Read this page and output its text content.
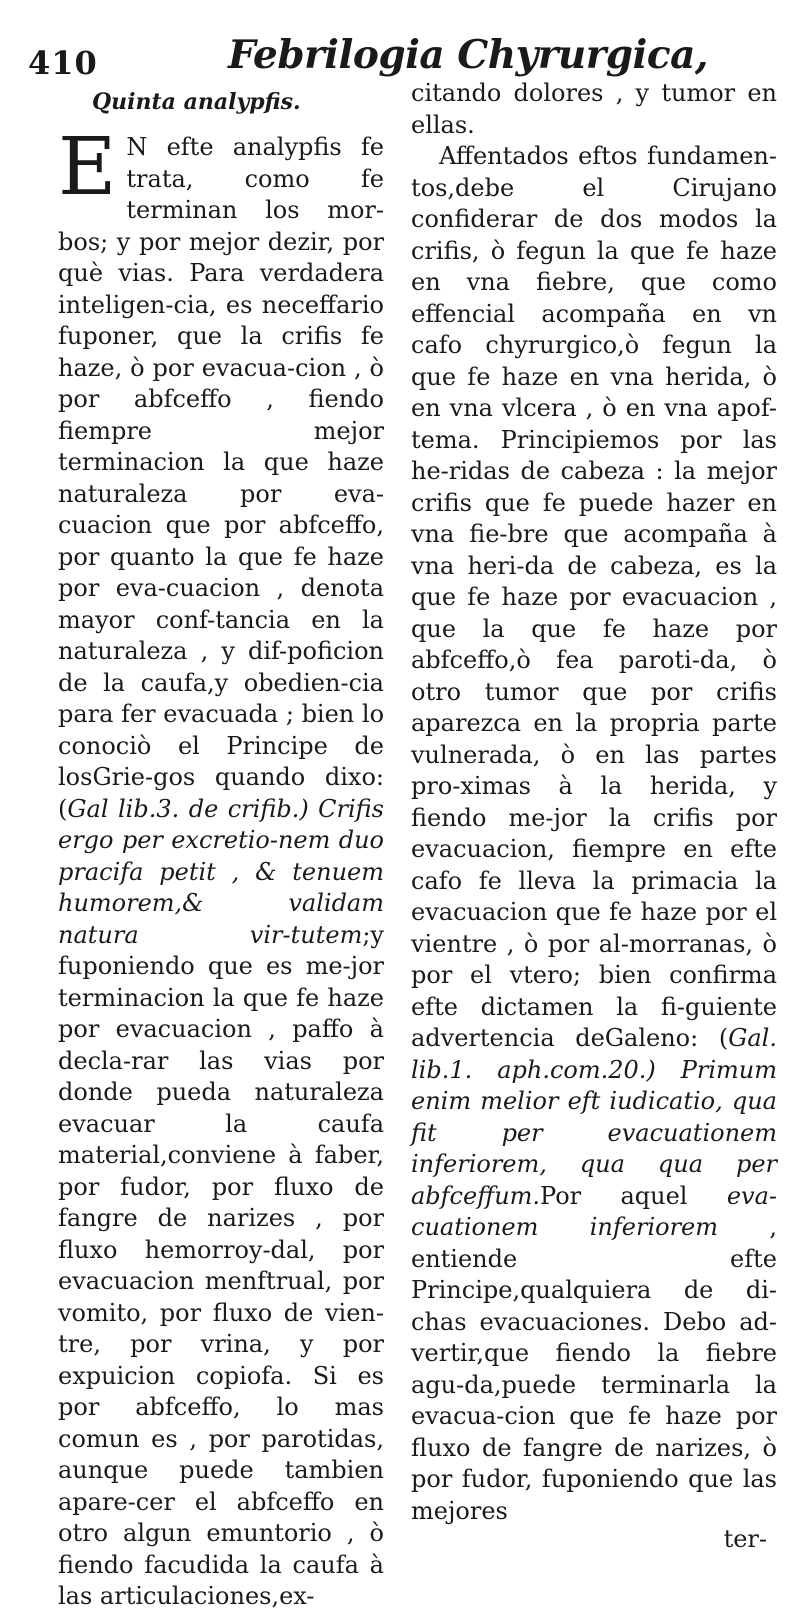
410	Febrilogia Chyrurgica,
Quinta analypfis.

E N efte analypfis fe trata, como fe terminan los mor-bos; y por mejor dezir, por què vias. Para verdadera inteligen-cia, es neceffario fuponer, que la crifis fe haze, ò por evacua-cion , ò por abfceffo , fiendo fiempre mejor terminacion la que haze naturaleza por eva-cuacion que por abfceffo, por quanto la que fe haze por eva-cuacion , denota mayor conf-tancia en la naturaleza , y dif-poficion de la caufa,y obedien-cia para fer evacuada ; bien lo conociò el Principe de losGrie-gos quando dixo: (Gal lib.3. de crifib.) Crifis ergo per excretio-nem duo pracifa petit , & tenuem humorem,& validam natura vir-tutem;y fuponiendo que es me-jor terminacion la que fe haze por evacuacion , paffo à decla-rar las vias por donde pueda naturaleza evacuar la caufa material,conviene à faber, por fudor, por fluxo de fangre de narizes , por fluxo hemorroy-dal, por evacuacion menftrual, por vomito, por fluxo de vien-tre, por vrina, y por expuicion copiofa. Si es por abfceffo, lo mas comun es , por parotidas, aunque puede tambien apare-cer el abfceffo en otro algun emuntorio , ò fiendo facudida la caufa à las articulaciones,ex-

citando dolores , y tumor en ellas.

Affentados eftos fundamen-tos,debe el Cirujano confiderar de dos modos la crifis, ò fegun la que fe haze en vna fiebre, que como effencial acompaña en vn cafo chyrurgico,ò fegun la que fe haze en vna herida, ò en vna vlcera , ò en vna apof-tema. Principiemos por las he-ridas de cabeza : la mejor crifis que fe puede hazer en vna fie-bre que acompaña à vna heri-da de cabeza, es la que fe haze por evacuacion , que la que fe haze por abfceffo,ò fea paroti-da, ò otro tumor que por crifis aparezca en la propria parte vulnerada, ò en las partes pro-ximas à la herida, y fiendo me-jor la crifis por evacuacion, fiempre en efte cafo fe lleva la primacia la evacuacion que fe haze por el vientre , ò por al-morranas, ò por el vtero; bien confirma efte dictamen la fi-guiente advertencia deGaleno: (Gal. lib.1. aph.com.20.) Primum enim melior eft iudicatio, qua fit per evacuationem inferiorem, qua qua per abfceffum.Por aquel eva-cuationem inferiorem , entiende efte Principe,qualquiera de di-chas evacuaciones. Debo ad-vertir,que fiendo la fiebre agu-da,puede terminarla la evacua-cion que fe haze por fluxo de fangre de narizes, ò por fudor, fuponiendo que las mejores

ter-
